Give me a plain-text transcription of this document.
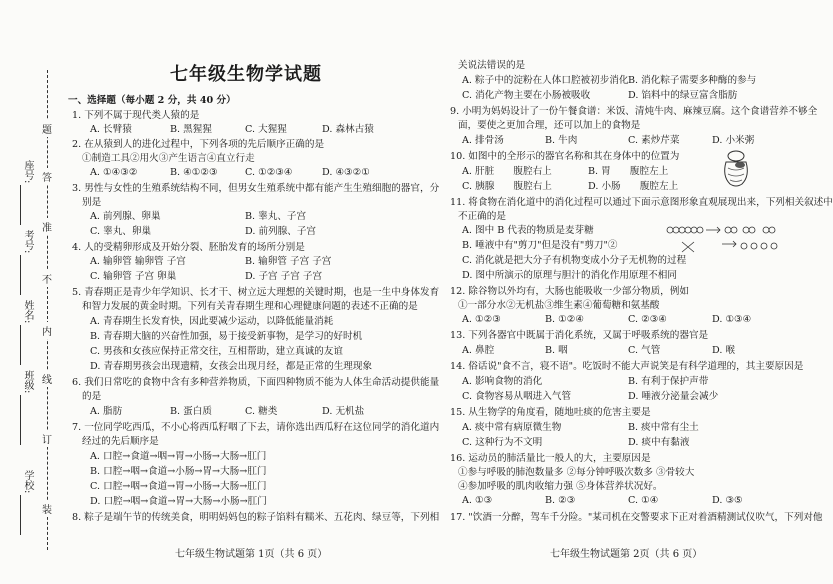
学校:
班级:
姓名:
考号:
座号:
装
订
线
内
不
准
答
题
七年级生物学试题
一、选择题（每小题 2 分，共 40 分）
1. 下列不属于现代类人猿的是
A. 长臂猿	B. 黑猩猩	C. 大猩猩	D. 森林古猿
2. 在从猿到人的进化过程中，下列各项的先后顺序正确的是
①制造工具②用火③产生语言④直立行走
A. ①④③②	B. ④①②③	C. ①②③④	D. ④③②①
3. 男性与女性的生殖系统结构不同，但男女生殖系统中都有能产生生殖细胞的器官，分
别是
A. 前列腺、卵巢	B. 睾丸、子宫
C. 睾丸、卵巢	D. 前列腺、子宫
4. 人的受精卵形成及开始分裂、胚胎发育的场所分别是
A. 输卵管 输卵管 子宫	B. 输卵管 子宫 子宫
C. 输卵管 子宫 卵巢	D. 子宫 子宫 子宫
5. 青春期正是青少年学知识、长才干、树立远大理想的关键时期，也是一生中身体发育
和智力发展的黄金时期。下列有关青春期生理和心理健康问题的表述不正确的是
A. 青春期生长发育快，因此要减少运动，以降低能量消耗
B. 青春期大脑的兴奋性加强，易于接受新事物，是学习的好时机
C. 男孩和女孩应保持正常交往，互相帮助，建立真诚的友谊
D. 青春期男孩会出现遗精，女孩会出现月经，都是正常的生理现象
6. 我们日常吃的食物中含有多种营养物质，下面四种物质不能为人体生命活动提供能量
的是
A. 脂肪	B. 蛋白质	C. 糖类	D. 无机盐
7. 一位同学吃西瓜，不小心将西瓜籽咽了下去，请你选出西瓜籽在这位同学的消化道内
经过的先后顺序是
A. 口腔→食道→咽→胃→小肠→大肠→肛门
B. 口腔→咽→食道→小肠→胃→大肠→肛门
C. 口腔→咽→食道→胃→小肠→大肠→肛门
D. 口腔→咽→食道→胃→大肠→小肠→肛门
8. 粽子是端午节的传统美食，明明妈妈包的粽子馅料有糯米、五花肉、绿豆等，下列相
七年级生物试题第 1页（共 6 页）
关说法错误的是
A. 粽子中的淀粉在人体口腔被初步消化 B. 消化粽子需要多种酶的参与
C. 消化产物主要在小肠被吸收	D. 馅料中的绿豆富含脂肪
9. 小明为妈妈设计了一份午餐食谱：米饭、清炖牛肉、麻辣豆腐。这个食谱营养不够全
面，要使之更加合理，还可以加上的食物是
A. 排骨汤	B. 牛肉	C. 素炒芹菜	D. 小米粥
10. 如图中的全形示的器官名称和其在身体中的位置为
A. 肝脏　　腹腔右上	B. 胃　　腹腔左上
C. 胰腺　　腹腔右上	D. 小肠　　腹腔左上
11. 将食物在消化道中的消化过程可以通过下面示意图形象直观展现出来，下列相关叙述中
不正确的是
A. 图中 B 代表的物质是麦芽糖
B. 唾液中有"剪刀"但是没有"剪刀"②
C. 消化就是把大分子有机物变成小分子无机物的过程
D. 图中所演示的原理与胆汁的消化作用原理不相同
12. 除谷物以外均有，大肠也能吸收一少部分物质，例如
①一部分水②无机盐③维生素④葡萄糖和氨基酸
A. ①②③	B. ①②④	C. ②③④	D. ①③④
13. 下列各器官中既属于消化系统，又属于呼吸系统的器官是
A. 鼻腔	B. 咽	C. 气管	D. 喉
14. 俗话说"食不言，寝不语"。吃饭时不能大声说笑是有科学道理的，其主要原因是
A. 影响食物的消化	B. 有利于保护声带
C. 食物容易从咽进入气管	D. 唾液分泌量会减少
15. 从生物学的角度看，随地吐痰的危害主要是
A. 痰中常有病原微生物	B. 痰中常有尘土
C. 这种行为不文明	D. 痰中有黏液
16. 运动员的肺活量比一般人的大，主要原因是
①参与呼吸的肺泡数量多 ②每分钟呼吸次数多 ③骨较大
④参加呼吸的肌肉收缩力强 ⑤身体营养状况好。
A. ①③	B. ②③	C. ①④	D. ③⑤
17. "饮酒一分醉，驾车千分险。"某司机在交警要求下正对着酒精测试仪吹气，下列对他
七年级生物试题第 2页（共 6 页）
